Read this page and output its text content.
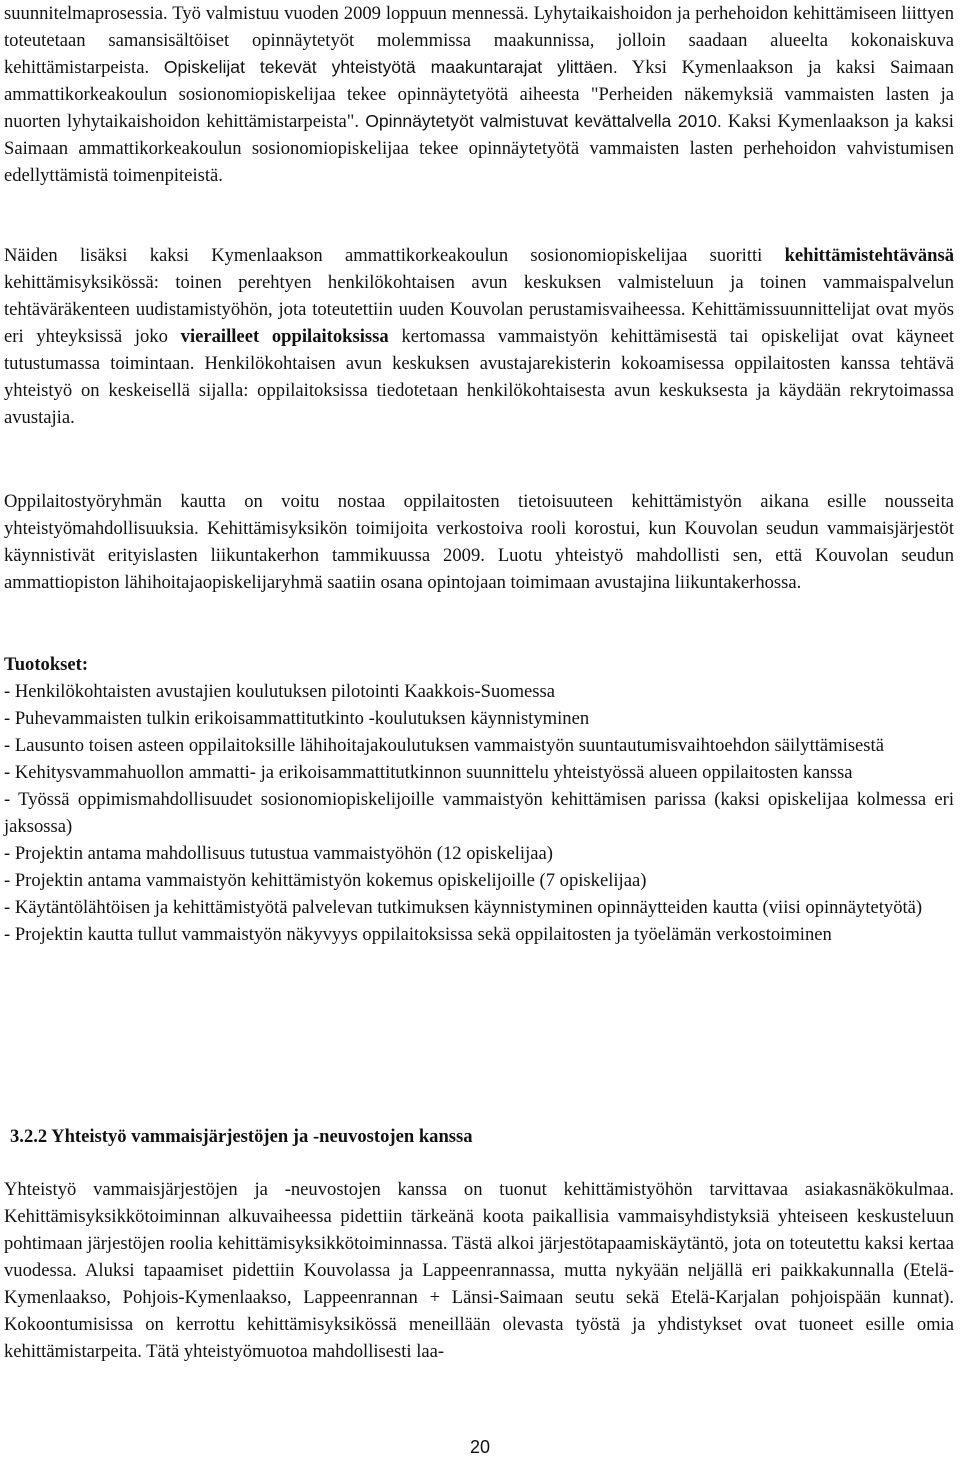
suunnitelmaprosessia. Työ valmistuu vuoden 2009 loppuun mennessä. Lyhytaikaishoidon ja perhehoidon kehittämiseen liittyen toteutetaan samansisältöiset opinnäytetyöt molemmissa maakunnissa, jolloin saadaan alueelta kokonaiskuva kehittämistarpeista. Opiskelijat tekevät yhteistyötä maakuntarajat ylittäen. Yksi Kymenlaakson ja kaksi Saimaan ammattikorkeakoulun sosionomiopiskelijaa tekee opinnäytetyötä aiheesta "Perheiden näkemyksiä vammaisten lasten ja nuorten lyhytaikaishoidon kehittämistarpeista". Opinnäytetyöt valmistuvat kevättalvella 2010. Kaksi Kymenlaakson ja kaksi Saimaan ammattikorkeakoulun sosionomiopiskelijaa tekee opinnäytetyötä vammaisten lasten perhehoidon vahvistumisen edellyttämistä toimenpiteistä.

Näiden lisäksi kaksi Kymenlaakson ammattikorkeakoulun sosionomiopiskelijaa suoritti kehittämistehtävänsä kehittämisyksikössä: toinen perehtyen henkilökohtaisen avun keskuksen valmisteluun ja toinen vammaispalvelun tehtäväräkenteen uudistamistyöhön, jota toteutettiin uuden Kouvolan perustamisvaiheessa. Kehittämissuunnittelijat ovat myös eri yhteyksissä joko vierailleet oppilaitoksissa kertomassa vammaistyön kehittämisestä tai opiskelijat ovat käyneet tutustumassa toimintaan. Henkilökohtaisen avun keskuksen avustajarekisterin kokoamisessa oppilaitosten kanssa tehtävä yhteistyö on keskeisellä sijalla: oppilaitoksissa tiedotetaan henkilökohtaisesta avun keskuksesta ja käydään rekrytoimassa avustajia.

Oppilaitostyöryhmän kautta on voitu nostaa oppilaitosten tietoisuuteen kehittämistyön aikana esille nousseita yhteistyömahdollisuuksia. Kehittämisyksikön toimijoita verkostoiva rooli korostui, kun Kouvolan seudun vammaisjärjestöt käynnistivät erityislasten liikuntakerhon tammikuussa 2009. Luotu yhteistyö mahdollisti sen, että Kouvolan seudun ammattiopiston lähihoitajaopiskelijaryhmä saatiin osana opintojaan toimimaan avustajina liikuntakerhossa.

Tuotokset:
- Henkilökohtaisten avustajien koulutuksen pilotointi Kaakkois-Suomessa
- Puhevammaisten tulkin erikoisammattitutkinto -koulutuksen käynnistyminen
- Lausunto toisen asteen oppilaitoksille lähihoitajakoulutuksen vammaistyön suuntautumisvaihtoehdon säilyttämisestä
- Kehitysvammahuollon ammatti- ja erikoisammattitutkinnon suunnittelu yhteistyössä alueen oppilaitosten kanssa
- Työssä oppimismahdollisuudet sosionomiopiskelijoille vammaistyön kehittämisen parissa (kaksi opiskelijaa kolmessa eri jaksossa)
- Projektin antama mahdollisuus tutustua vammaistyöhön (12 opiskelijaa)
- Projektin antama vammaistyön kehittämistyön kokemus opiskelijoille (7 opiskelijaa)
- Käytäntölähtöisen ja kehittämistyötä palvelevan tutkimuksen käynnistyminen opinnäytteiden kautta (viisi opinnäytetyötä)
- Projektin kautta tullut vammaistyön näkyvyys oppilaitoksissa sekä oppilaitosten ja työelämän verkostoiminen
3.2.2 Yhteistyö vammaisjärjestöjen ja -neuvostojen kanssa

Yhteistyö vammaisjärjestöjen ja -neuvostojen kanssa on tuonut kehittämistyöhön tarvittavaa asiakasnäkökulmaa. Kehittämisyksikkötoiminnan alkuvaiheessa pidettiin tärkeänä koota paikallisia vammaisyhdistyksiä yhteiseen keskusteluun pohtimaan järjestöjen roolia kehittämisyksikkötoiminnassa. Tästä alkoi järjestötapaamiskäytäntö, jota on toteutettu kaksi kertaa vuodessa. Aluksi tapaamiset pidettiin Kouvolassa ja Lappeenrannassa, mutta nykyään neljällä eri paikkakunnalla (Etelä-Kymenlaakso, Pohjois-Kymenlaakso, Lappeenrannan + Länsi-Saimaan seutu sekä Etelä-Karjalan pohjoispään kunnat). Kokoontumisissa on kerrottu kehittämisyksikössä meneillään olevasta työstä ja yhdistykset ovat tuoneet esille omia kehittämistarpeita. Tätä yhteistyömuotoa mahdollisesti laa-

20
